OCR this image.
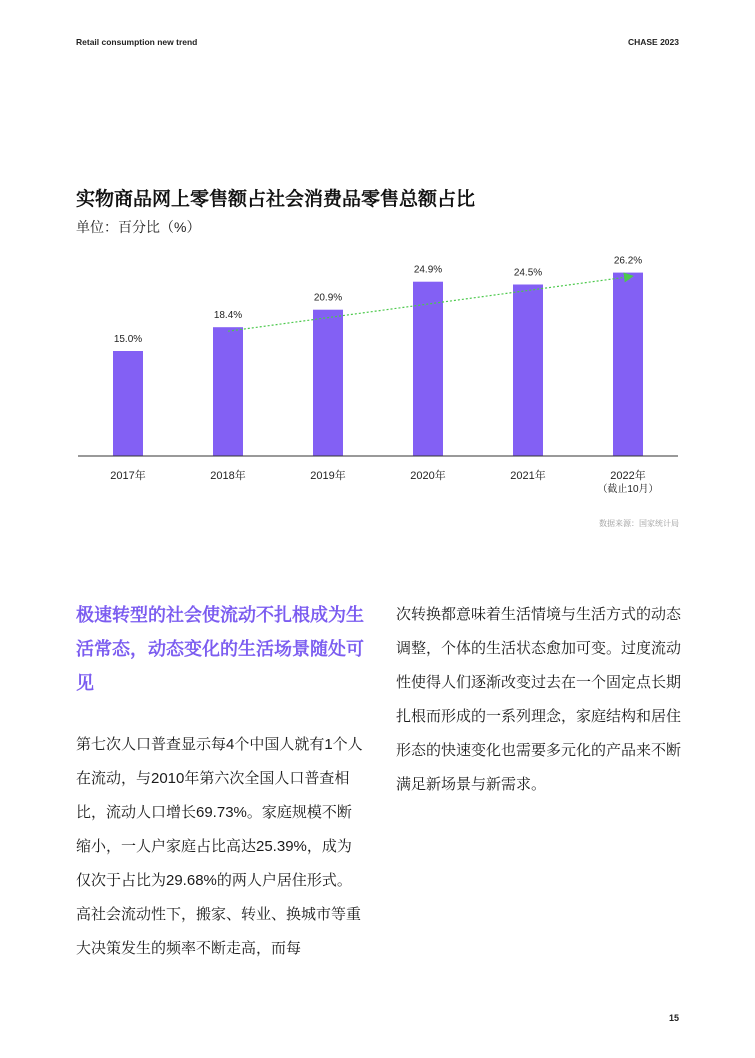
Retail consumption new trend	CHASE 2023
实物商品网上零售额占社会消费品零售总额占比
单位：百分比（%）
15.0%
2017年
18.4%
2018年
20.9%
2019年
24.9%
2020年
24.5%
2021年
26.2%
2022年
（截止10月）
数据来源：国家统计局
极速转型的社会使流动不扎根成为生活常态，动态变化的生活场景随处可见
第七次人口普查显示每4个中国人就有1个人在流动，与2010年第六次全国人口普查相比，流动人口增长69.73%。家庭规模不断缩小，一人户家庭占比高达25.39%，成为仅次于占比为29.68%的两人户居住形式。高社会流动性下，搬家、转业、换城市等重大决策发生的频率不断走高，而每
次转换都意味着生活情境与生活方式的动态调整，个体的生活状态愈加可变。过度流动性使得人们逐渐改变过去在一个固定点长期扎根而形成的一系列理念，家庭结构和居住形态的快速变化也需要多元化的产品来不断满足新场景与新需求。
15
